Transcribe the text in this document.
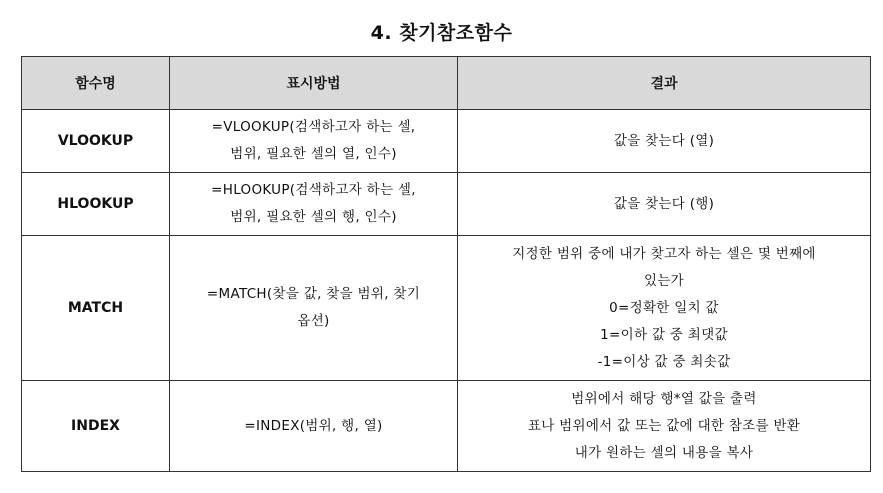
4. 찾기참조함수
함수명	표시방법	결과
VLOOKUP	=VLOOKUP(검색하고자 하는 셀,
범위, 필요한 셀의 열, 인수)	값을 찾는다 (열)

HLOOKUP	=HLOOKUP(검색하고자 하는 셀,
범위, 필요한 셀의 행, 인수)	값을 찾는다 (행)

MATCH	=MATCH(찾을 값, 찾을 범위, 찾기
옵션)	지정한 범위 중에 내가 찾고자 하는 셀은 몇 번째에
있는가
0=정확한 일치 값
1=이하 값 중 최댓값
-1=이상 값 중 최솟값

INDEX	=INDEX(범위, 행, 열)	범위에서 해당 행*열 값을 출력
표나 범위에서 값 또는 값에 대한 참조를 반환
내가 원하는 셀의 내용을 복사
